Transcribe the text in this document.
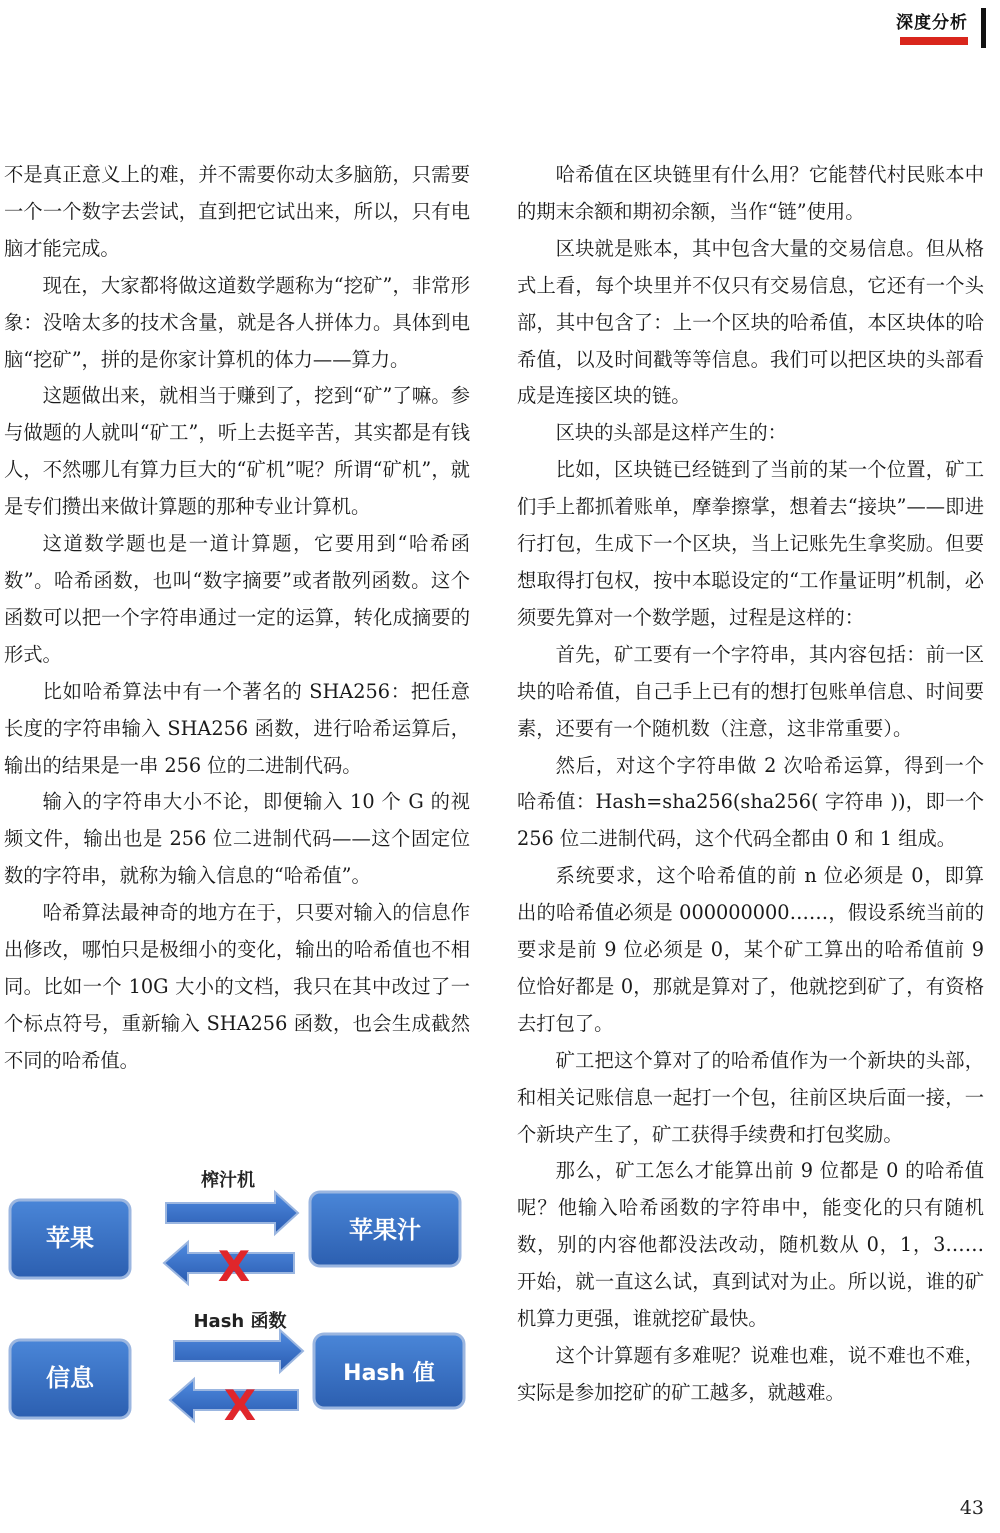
深度分析

不是真正意义上的难，并不需要你动太多脑筋，只需要一个一个数字去尝试，直到把它试出来，所以，只有电脑才能完成。

现在，大家都将做这道数学题称为“挖矿”，非常形象：没啥太多的技术含量，就是各人拼体力。具体到电脑“挖矿”，拼的是你家计算机的体力——算力。

这题做出来，就相当于赚到了，挖到“矿”了嘛。参与做题的人就叫“矿工”，听上去挺辛苦，其实都是有钱人，不然哪儿有算力巨大的“矿机”呢？所谓“矿机”，就是专们攒出来做计算题的那种专业计算机。

这道数学题也是一道计算题，它要用到“哈希函数”。哈希函数，也叫“数字摘要”或者散列函数。这个函数可以把一个字符串通过一定的运算，转化成摘要的形式。

比如哈希算法中有一个著名的 SHA256：把任意长度的字符串输入 SHA256 函数，进行哈希运算后，输出的结果是一串 256 位的二进制代码。

输入的字符串大小不论，即便输入 10 个 G 的视频文件，输出也是 256 位二进制代码——这个固定位数的字符串，就称为输入信息的“哈希值”。

哈希算法最神奇的地方在于，只要对输入的信息作出修改，哪怕只是极细小的变化，输出的哈希值也不相同。比如一个 10G 大小的文档，我只在其中改过了一个标点符号，重新输入 SHA256 函数，也会生成截然不同的哈希值。

哈希值在区块链里有什么用？它能替代村民账本中的期末余额和期初余额，当作“链”使用。

区块就是账本，其中包含大量的交易信息。但从格式上看，每个块里并不仅只有交易信息，它还有一个头部，其中包含了：上一个区块的哈希值，本区块体的哈希值，以及时间戳等等信息。我们可以把区块的头部看成是连接区块的链。

区块的头部是这样产生的：

比如，区块链已经链到了当前的某一个位置，矿工们手上都抓着账单，摩拳擦掌，想着去“接块”——即进行打包，生成下一个区块，当上记账先生拿奖励。但要想取得打包权，按中本聪设定的“工作量证明”机制，必须要先算对一个数学题，过程是这样的：

首先，矿工要有一个字符串，其内容包括：前一区块的哈希值，自己手上已有的想打包账单信息、时间要素，还要有一个随机数（注意，这非常重要）。

然后，对这个字符串做 2 次哈希运算，得到一个哈希值：Hash=sha256(sha256( 字符串 ))，即一个 256 位二进制代码，这个代码全都由 0 和 1 组成。

系统要求，这个哈希值的前 n 位必须是 0，即算出的哈希值必须是 000000000……，假设系统当前的要求是前 9 位必须是 0，某个矿工算出的哈希值前 9 位恰好都是 0，那就是算对了，他就挖到矿了，有资格去打包了。

矿工把这个算对了的哈希值作为一个新块的头部，和相关记账信息一起打一个包，往前区块后面一接，一个新块产生了，矿工获得手续费和打包奖励。

那么，矿工怎么才能算出前 9 位都是 0 的哈希值呢？他输入哈希函数的字符串中，能变化的只有随机数，别的内容他都没法改动，随机数从 0，1，3……开始，就一直这么试，真到试对为止。所以说，谁的矿机算力更强，谁就挖矿最快。

这个计算题有多难呢？说难也难，说不难也不难，实际是参加挖矿的矿工越多，就越难。

苹果
榨汁机
X
苹果汁
信息
Hash 函数
X
Hash 值
43
